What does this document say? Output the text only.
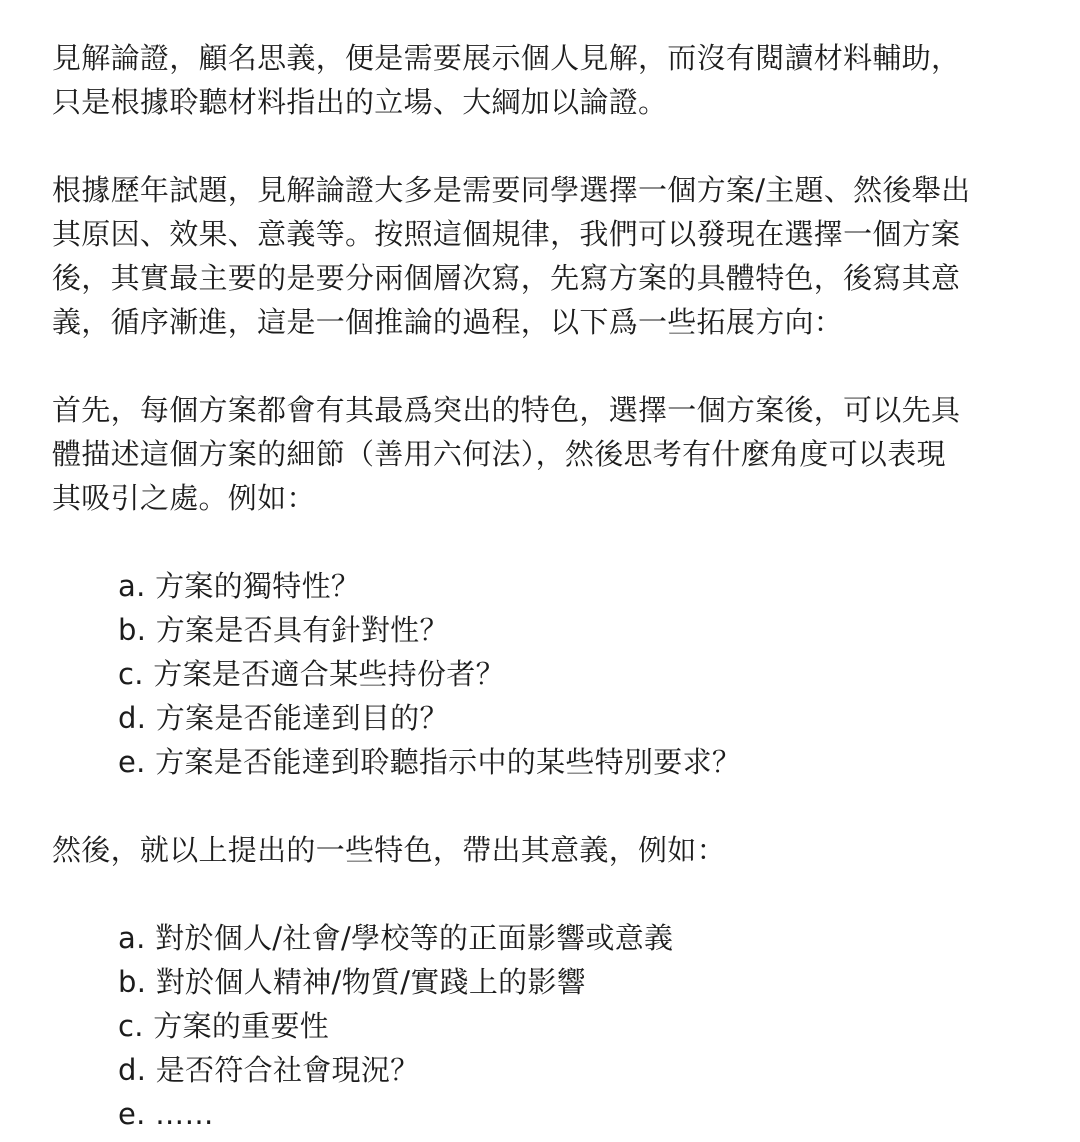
見解論證，顧名思義，便是需要展示個人見解，而沒有閱讀材料輔助，
只是根據聆聽材料指出的立場、大綱加以論證。

根據歷年試題，見解論證大多是需要同學選擇一個方案/主題、然後舉出
其原因、效果、意義等。按照這個規律，我們可以發現在選擇一個方案
後，其實最主要的是要分兩個層次寫，先寫方案的具體特色，後寫其意
義，循序漸進，這是一個推論的過程，以下爲一些拓展方向：

首先，每個方案都會有其最爲突出的特色，選擇一個方案後，可以先具
體描述這個方案的細節（善用六何法），然後思考有什麼角度可以表現
其吸引之處。例如：

a. 方案的獨特性？
b. 方案是否具有針對性？
c. 方案是否適合某些持份者？
d. 方案是否能達到目的？
e. 方案是否能達到聆聽指示中的某些特別要求？

然後，就以上提出的一些特色，帶出其意義，例如：

a. 對於個人/社會/學校等的正面影響或意義
b. 對於個人精神/物質/實踐上的影響
c. 方案的重要性
d. 是否符合社會現況？
e. ……
